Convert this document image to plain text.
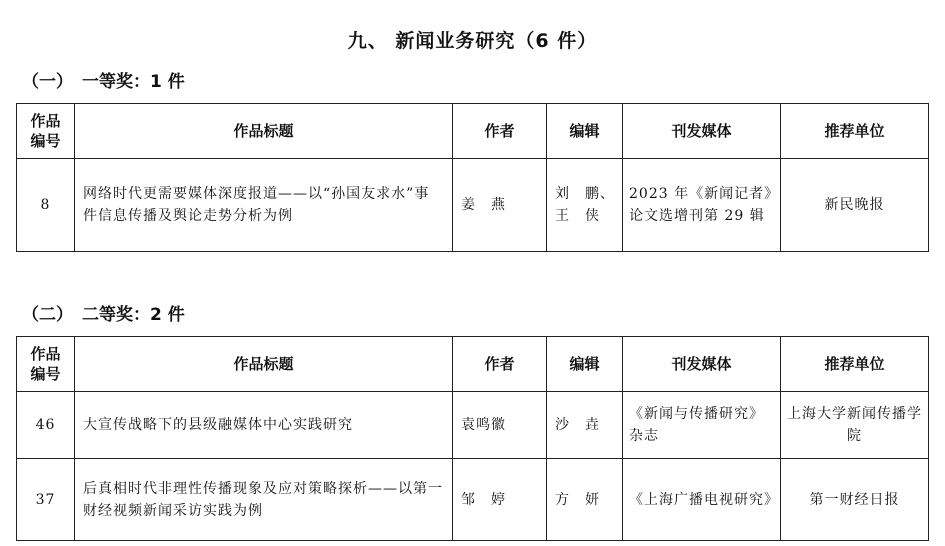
九、 新闻业务研究（6 件）
（一） 一等奖：1 件
作品
编号	作品标题	作者	编辑	刊发媒体	推荐单位
8	网络时代更需要媒体深度报道——以“孙国友求水”事件信息传播及舆论走势分析为例	姜　燕	刘　鹏、
王　侠	2023 年《新闻记者》论文选增刊第 29 辑	新民晚报
（二） 二等奖：2 件
作品
编号	作品标题	作者	编辑	刊发媒体	推荐单位
46	大宣传战略下的县级融媒体中心实践研究	袁鸣徽	沙　垚	《新闻与传播研究》杂志	上海大学新闻传播学院
37	后真相时代非理性传播现象及应对策略探析——以第一财经视频新闻采访实践为例	邹　婷	方　妍	《上海广播电视研究》	第一财经日报
